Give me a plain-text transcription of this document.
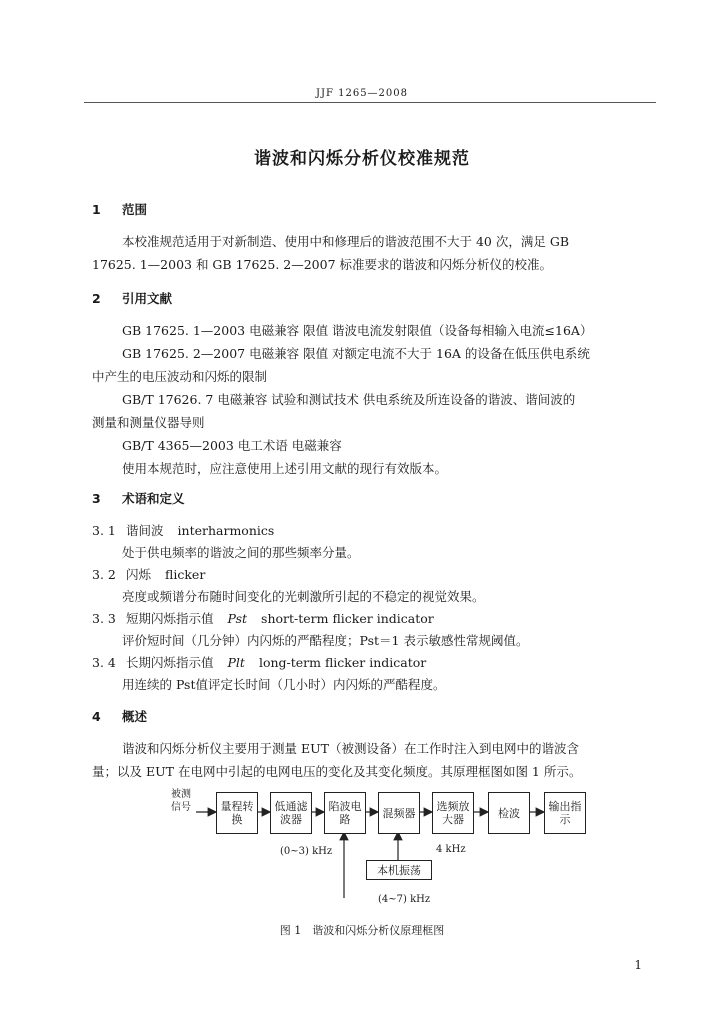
JJF 1265—2008
谐波和闪烁分析仪校准规范
1 范围
本校准规范适用于对新制造、使用中和修理后的谐波范围不大于 40 次，满足 GB
17625. 1—2003 和 GB 17625. 2—2007 标准要求的谐波和闪烁分析仪的校准。
2 引用文献
GB 17625. 1—2003 电磁兼容 限值 谐波电流发射限值（设备每相输入电流≤16A）
GB 17625. 2—2007 电磁兼容 限值 对额定电流不大于 16A 的设备在低压供电系统
中产生的电压波动和闪烁的限制
GB/T 17626. 7 电磁兼容 试验和测试技术 供电系统及所连设备的谐波、谐间波的
测量和测量仪器导则
GB/T 4365—2003 电工术语 电磁兼容
使用本规范时，应注意使用上述引用文献的现行有效版本。
3 术语和定义
3. 1 谐间波 interharmonics
处于供电频率的谐波之间的那些频率分量。
3. 2 闪烁 flicker
亮度或频谱分布随时间变化的光刺激所引起的不稳定的视觉效果。
3. 3 短期闪烁指示值 Pst short-term flicker indicator
评价短时间（几分钟）内闪烁的严酷程度；Pst＝1 表示敏感性常规阈值。
3. 4 长期闪烁指示值 Plt long-term flicker indicator
用连续的 Pst值评定长时间（几小时）内闪烁的严酷程度。
4 概述
谐波和闪烁分析仪主要用于测量 EUT（被测设备）在工作时注入到电网中的谐波含
量；以及 EUT 在电网中引起的电网电压的变化及其变化频度。其原理框图如图 1 所示。
被测信号	量程转换
低通滤波器
陷波电路	混频器	选频放大器	检波	输出指示
本机振荡
(0~3) kHz	4 kHz
(4~7) kHz
图 1　谐波和闪烁分析仪原理框图
1
